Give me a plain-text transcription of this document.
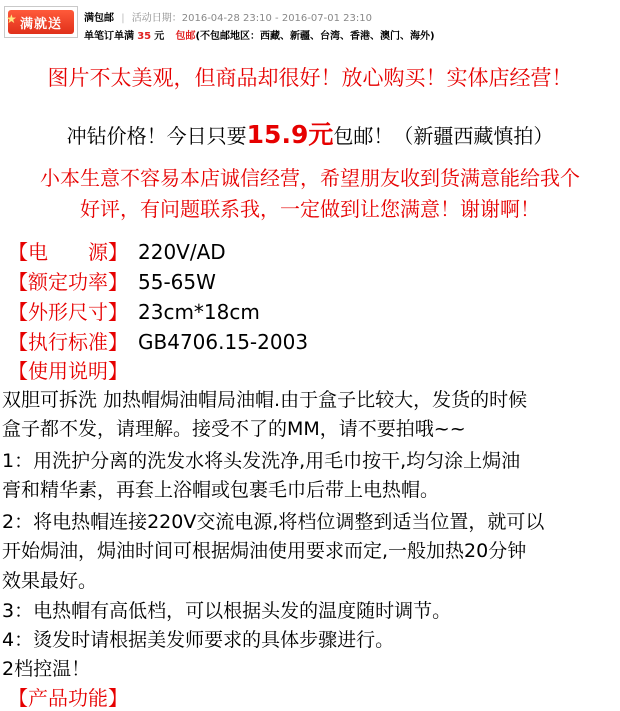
★ 满就送 满包邮 | 活动日期：2016-04-28 23:10 - 2016-07-01 23:10
单笔订单满 35 元 包邮(不包邮地区：西藏、新疆、台湾、香港、澳门、海外)
图片不太美观，但商品却很好！放心购买！实体店经营！
冲钻价格！今日只要15.9元包邮！（新疆西藏慎拍）
小本生意不容易本店诚信经营，希望朋友收到货满意能给我个
好评，有问题联系我，一定做到让您满意！谢谢啊！
【电　　源】 220V/AD
【额定功率】 55-65W
【外形尺寸】 23cm*18cm
【执行标准】 GB4706.15-2003
【使用说明】
双胆可拆洗 加热帽焗油帽局油帽.由于盒子比较大，发货的时候
盒子都不发，请理解。接受不了的MM，请不要拍哦~~
1：用洗护分离的洗发水将头发洗净,用毛巾按干,均匀涂上焗油
膏和精华素，再套上浴帽或包裹毛巾后带上电热帽。
2：将电热帽连接220V交流电源,将档位调整到适当位置，就可以
开始焗油，焗油时间可根据焗油使用要求而定,一般加热20分钟
效果最好。
3：电热帽有高低档，可以根据头发的温度随时调节。
4：烫发时请根据美发师要求的具体步骤进行。
2档控温！
【产品功能】
